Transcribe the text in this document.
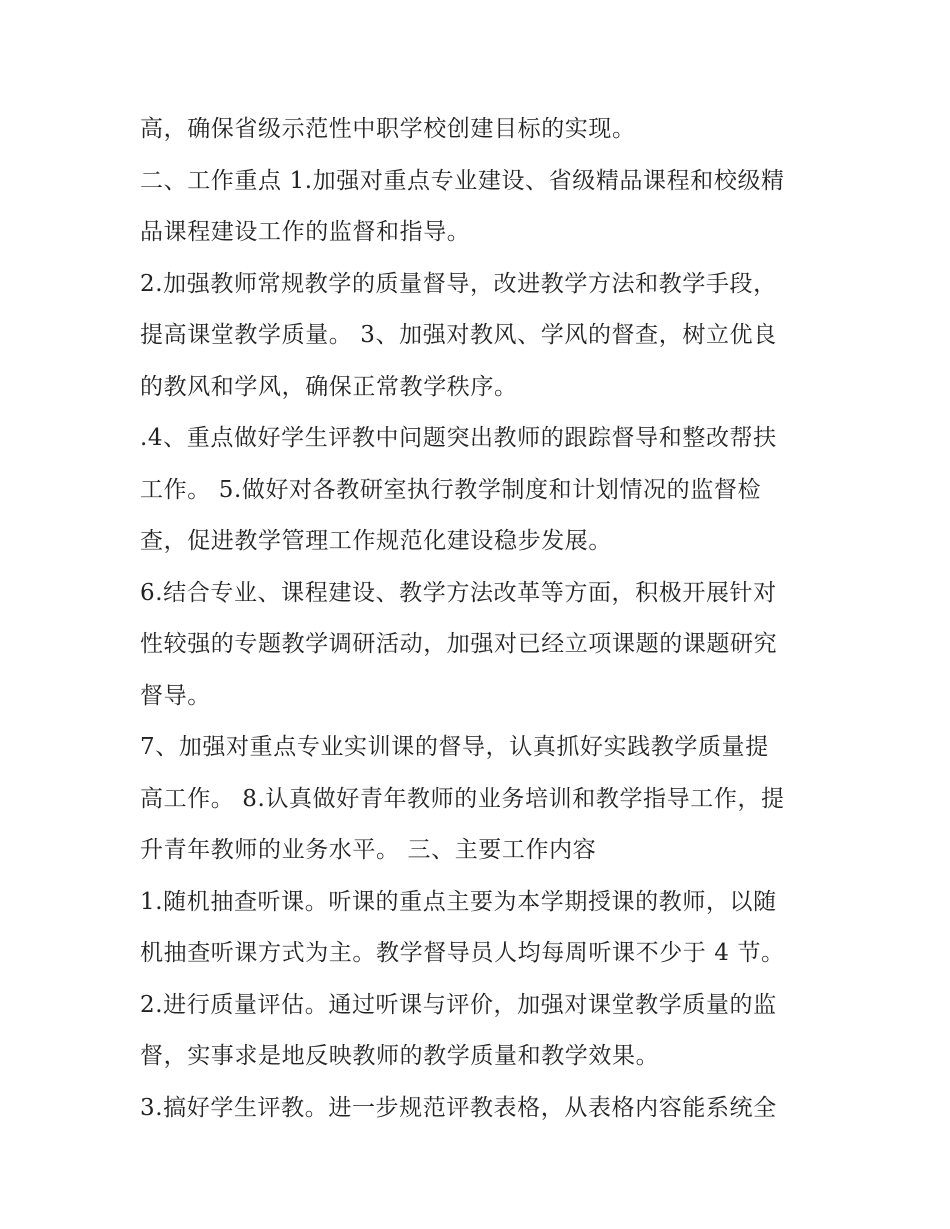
高，确保省级示范性中职学校创建目标的实现。
二、工作重点 1.加强对重点专业建设、省级精品课程和校级精
品课程建设工作的监督和指导。
2.加强教师常规教学的质量督导，改进教学方法和教学手段，
提高课堂教学质量。 3、加强对教风、学风的督查，树立优良
的教风和学风，确保正常教学秩序。
.4、重点做好学生评教中问题突出教师的跟踪督导和整改帮扶
工作。 5.做好对各教研室执行教学制度和计划情况的监督检
查，促进教学管理工作规范化建设稳步发展。
6.结合专业、课程建设、教学方法改革等方面，积极开展针对
性较强的专题教学调研活动，加强对已经立项课题的课题研究
督导。
7、加强对重点专业实训课的督导，认真抓好实践教学质量提
高工作。 8.认真做好青年教师的业务培训和教学指导工作，提
升青年教师的业务水平。 三、主要工作内容
1.随机抽查听课。听课的重点主要为本学期授课的教师，以随
机抽查听课方式为主。教学督导员人均每周听课不少于 4 节。
2.进行质量评估。通过听课与评价，加强对课堂教学质量的监
督，实事求是地反映教师的教学质量和教学效果。
3.搞好学生评教。进一步规范评教表格，从表格内容能系统全
